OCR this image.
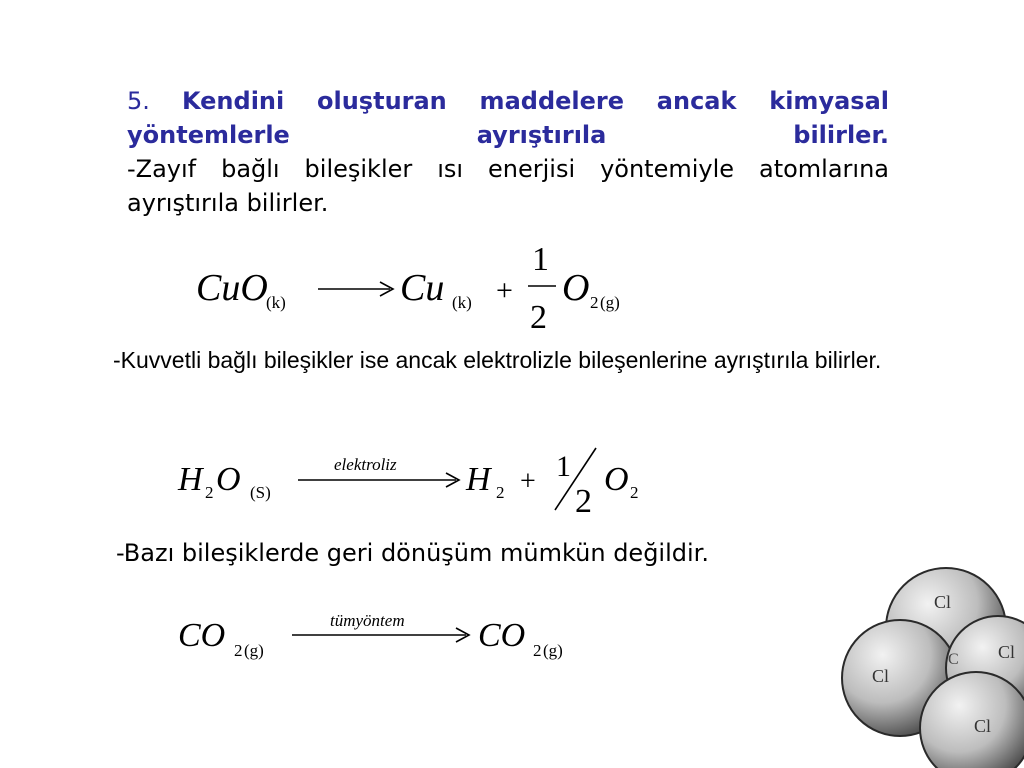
5. Kendini oluşturan maddelere ancak kimyasal yöntemlerle ayrıştırıla bilirler.
-Zayıf bağlı bileşikler ısı enerjisi yöntemiyle atomlarına ayrıştırıla bilirler.
CuO
(k)	Cu (k) +
1
2
O 2 (g)
-Kuvvetli bağlı bileşikler ise ancak elektrolizle bileşenlerine ayrıştırıla bilirler.
H 2 O (S)
elektroliz H 2 + 1
2
O 2
-Bazı bileşiklerde geri dönüşüm mümkün değildir.
CO 2 (g)
tümyöntem CO 2 (g)
Cl
Cl
Cl
Cl
C
